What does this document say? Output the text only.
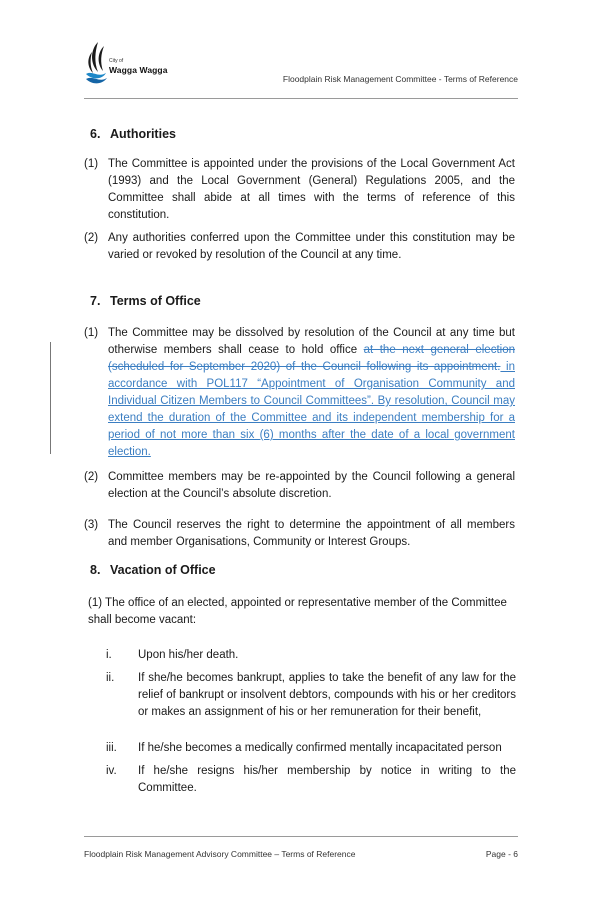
City of
Wagga Wagga
Floodplain Risk Management Committee - Terms of Reference
6. Authorities
(1) The Committee is appointed under the provisions of the Local Government Act (1993) and the Local Government (General) Regulations 2005, and the Committee shall abide at all times with the terms of reference of this constitution.
(2) Any authorities conferred upon the Committee under this constitution may be varied or revoked by resolution of the Council at any time.
7. Terms of Office
(1) The Committee may be dissolved by resolution of the Council at any time but otherwise members shall cease to hold office at the next general election (scheduled for September 2020) of the Council following its appointment. in accordance with POL117 “Appointment of Organisation Community and Individual Citizen Members to Council Committees”. By resolution, Council may extend the duration of the Committee and its independent membership for a period of not more than six (6) months after the date of a local government election.
(2) Committee members may be re-appointed by the Council following a general election at the Council’s absolute discretion.
(3) The Council reserves the right to determine the appointment of all members and member Organisations, Community or Interest Groups.
8. Vacation of Office
(1) The office of an elected, appointed or representative member of the Committee shall become vacant:
i. Upon his/her death.
ii. If she/he becomes bankrupt, applies to take the benefit of any law for the relief of bankrupt or insolvent debtors, compounds with his or her creditors or makes an assignment of his or her remuneration for their benefit,
iii. If he/she becomes a medically confirmed mentally incapacitated person
iv. If he/she resigns his/her membership by notice in writing to the Committee.
Floodplain Risk Management Advisory Committee – Terms of Reference	Page - 6
